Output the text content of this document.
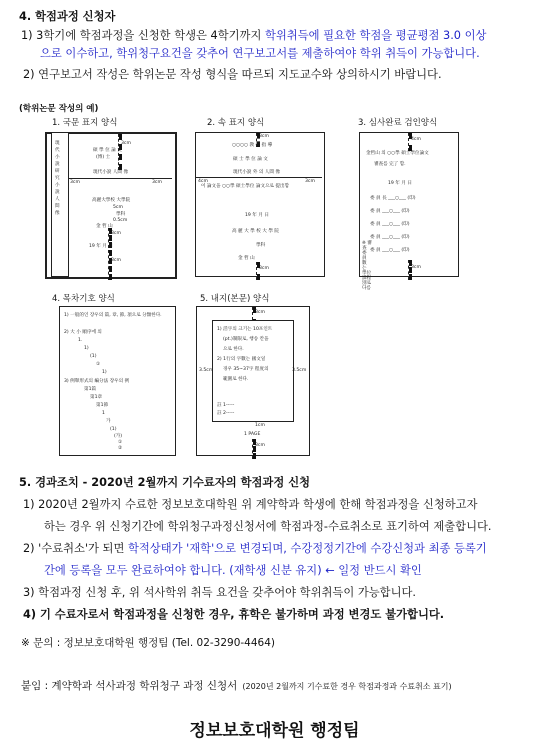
4. 학점과정 신청자
1) 3학기에 학점과정을 신청한 학생은 4학기까지 학위취득에 필요한 학점을 평균평점 3.0 이상
으로 이수하고, 학위청구요건을 갖추어 연구보고서를 제출하여야 학위 취득이 가능합니다.
2) 연구보고서 작성은 학위논문 작성 형식을 따르되 지도교수와 상의하시기 바랍니다.
(학위논문 작성의 예)
1. 국문 표지 양식	2. 속 표지 양식	3. 심사완료 검인양식
現代小說 研 究 小 說 人 間 像
3cm
碩 學 位 論 文
(博) 士
現代小說 人間 像
3cm	3cm
高麗大學校 大學院
5cm
學科
0.5cm
金 哲 山
3cm
19 年 月 日
3cm
3cm
○○○○ 教 授 指 導
碩 士 學 位 論 文
現代小說 外 의 人間 像
4cm	3cm
이 論文을 ○○學 碩士學位 論文으로 提出함
19 年 月 日
高 麗 大 學 校 大 學 院
學科
金 哲 山
3cm
4cm
金哲山 의 ○○學 碩士學位論文
審查를 完了 함.
19 年 月 日
委 員 長 ___○___ (印)
委 員 ___○___ (印)
委 員 ___○___ (印)
委 員 ___○___ (印)
委 員 ___○___ (印)
※ 審 查 委 員 數 는 學位課程別로 다름
3cm
4. 목차기호 양식	5. 내지(본문) 양식
1) 一般的인 장우의 篇, 章, 節, 項으로 分類한다.
2) 大 小 順序에 의
1.
1)
(1)
①
1)
3) 例舉形式의 編分法 장우의 例
第1篇
第1章
第1節
1
가
(1)
(가)
①
②
3cm
1) 活字의 크기는 10포인트
(pt.)制限로, 행송 칸을
으로 한다.
2) 1行의 字數는 國文일
경우 35~37字 程度의
範圍로 한다.
3.5cm	3.5cm
註 1-----
註 2-----
1cm
1 PAGE
3cm
5. 경과조치 - 2020년 2월까지 기수료자의 학점과정 신청
1) 2020년 2월까지 수료한 정보보호대학원 위 계약학과 학생에 한해 학점과정을 신청하고자
하는 경우 위 신청기간에 학위청구과정신청서에 학점과정-수료취소로 표기하여 제출합니다.
2) '수료취소'가 되면 학적상태가 '재학'으로 변경되며, 수강정정기간에 수강신청과 최종 등록기
간에 등록을 모두 완료하여야 합니다. (재학생 신분 유지) ← 일정 반드시 확인
3) 학점과정 신청 후, 위 석사학위 취득 요건을 갖추어야 학위취득이 가능합니다.
4) 기 수료자로서 학점과정을 신청한 경우, 휴학은 불가하며 과정 변경도 불가합니다.
※ 문의 : 정보보호대학원 행정팀 (Tel. 02-3290-4464)
붙임 : 계약학과 석사과정 학위청구 과정 신청서 (2020년 2월까지 기수료한 경우 학점과정과 수료취소 표기)
정보보호대학원 행정팀
